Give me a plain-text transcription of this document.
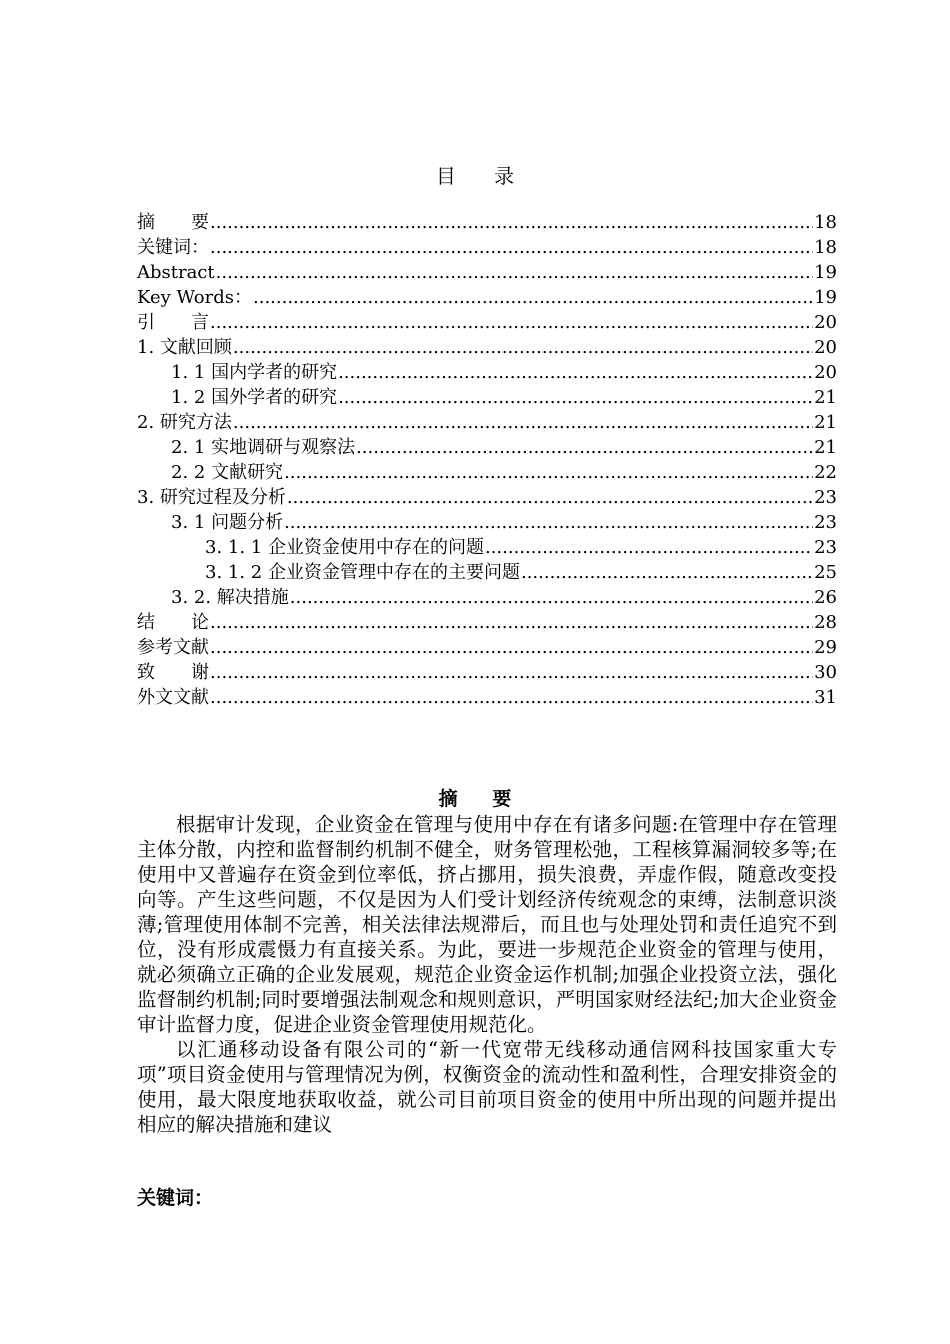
目 录
摘　　要 .....	18
关键词： .....	18
Abstract .....	19
Key Words： .....	19
引　　言 .....	20
1. 文献回顾 .....	20
1. 1 国内学者的研究 .....	20
1. 2 国外学者的研究 .....	21
2. 研究方法 .....	21
2. 1 实地调研与观察法 .....	21
2. 2 文献研究 .....	22
3. 研究过程及分析 .....	23
3. 1 问题分析 .....	23
3. 1. 1 企业资金使用中存在的问题 .....	23
3. 1. 2 企业资金管理中存在的主要问题 .....	25
3. 2. 解决措施 .....	26
结　　论 .....	28
参考文献 .....	29
致　　谢 .....	30
外文文献 .....	31
摘 要

根据审计发现，企业资金在管理与使用中存在有诸多问题:在管理中存在管理主体分散，内控和监督制约机制不健全，财务管理松弛，工程核算漏洞较多等;在使用中又普遍存在资金到位率低，挤占挪用，损失浪费，弄虚作假，随意改变投向等。产生这些问题，不仅是因为人们受计划经济传统观念的束缚，法制意识淡薄;管理使用体制不完善，相关法律法规滞后，而且也与处理处罚和责任追究不到位，没有形成震慑力有直接关系。为此，要进一步规范企业资金的管理与使用，就必须确立正确的企业发展观，规范企业资金运作机制;加强企业投资立法，强化监督制约机制;同时要增强法制观念和规则意识，严明国家财经法纪;加大企业资金审计监督力度，促进企业资金管理使用规范化。

以汇通移动设备有限公司的“新一代宽带无线移动通信网科技国家重大专项”项目资金使用与管理情况为例，权衡资金的流动性和盈利性，合理安排资金的使用，最大限度地获取收益，就公司目前项目资金的使用中所出现的问题并提出相应的解决措施和建议

关键词：
